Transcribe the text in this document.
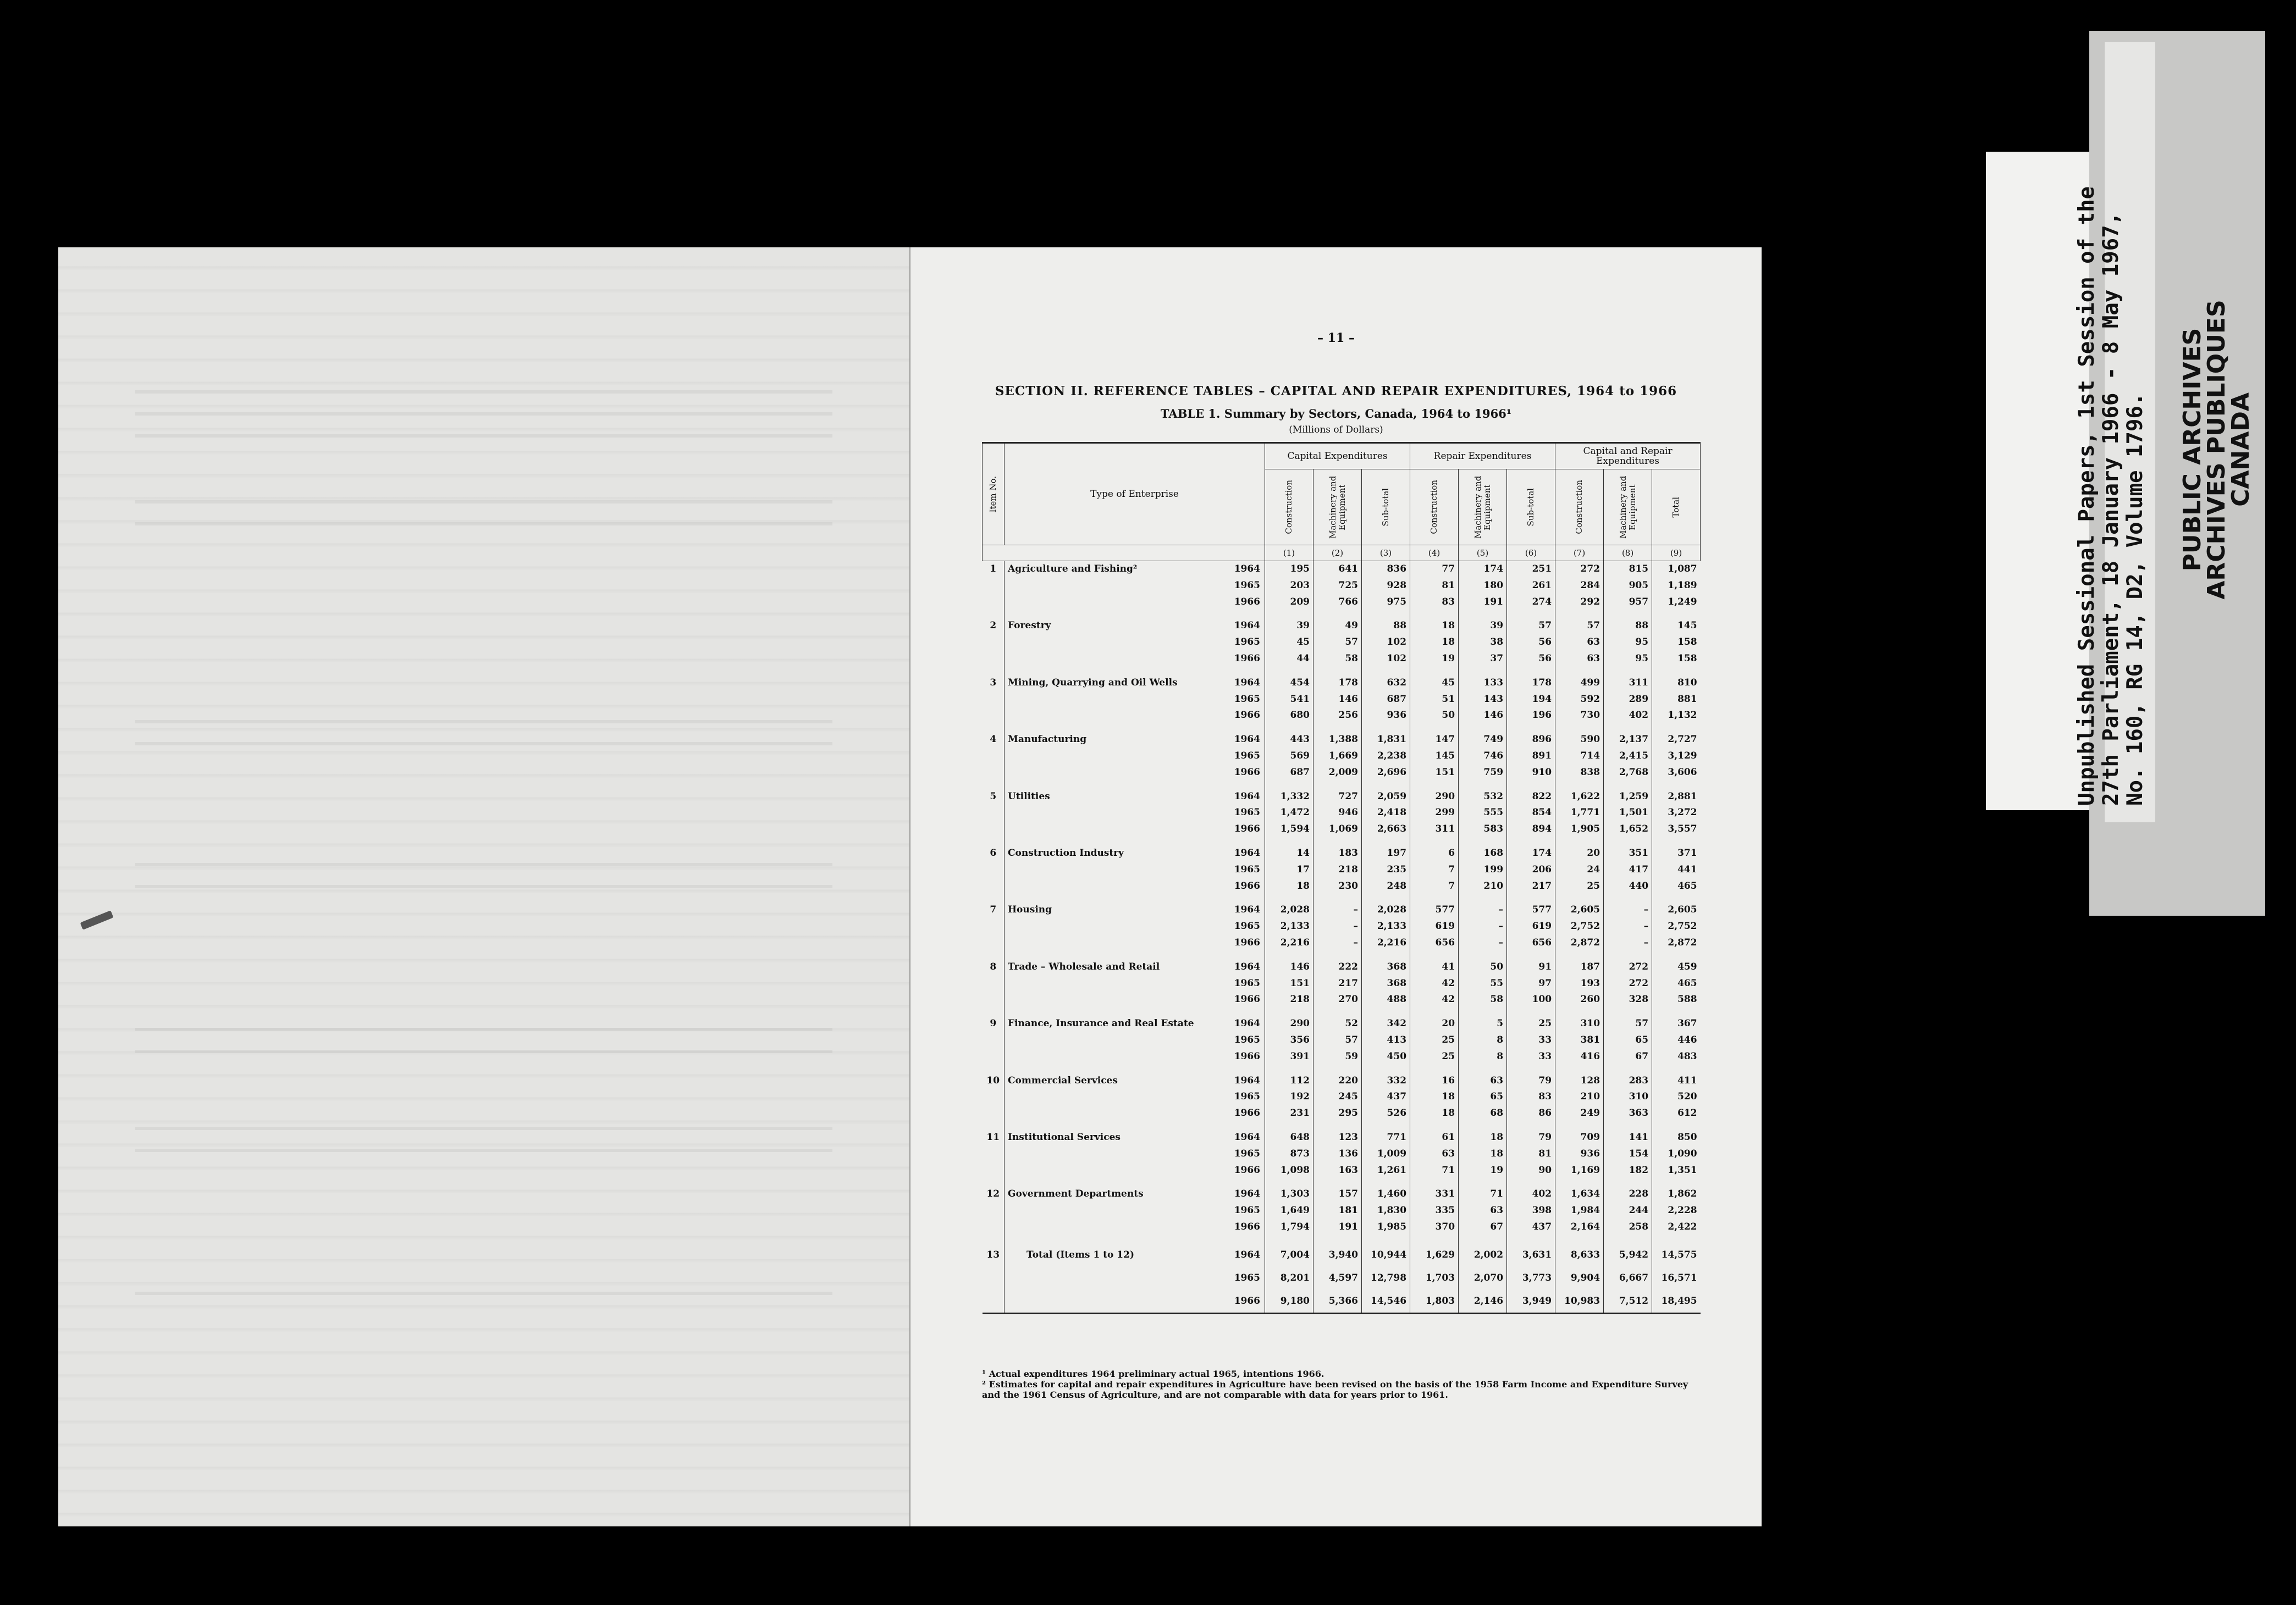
– 11 –
SECTION II. REFERENCE TABLES – CAPITAL AND REPAIR EXPENDITURES, 1964 to 1966
TABLE 1. Summary by Sectors, Canada, 1964 to 1966¹
(Millions of Dollars)
Item No.	Type of Enterprise		Capital Expenditures			Repair Expenditures			Capital and Repair Expenditures		

			Construction	Machinery and Equipment	Sub-total	Construction	Machinery and Equipment	Sub-total	Construction	Machinery and Equipment	Total

			(1)	(2)	(3)	(4)	(5)	(6)	(7)	(8)	(9)
1	Agriculture and Fishing²	1964	195	641	836	77	174	251	272	815	1,087
		1965	203	725	928	81	180	261	284	905	1,189
		1966	209	766	975	83	191	274	292	957	1,249

2	Forestry	1964	39	49	88	18	39	57	57	88	145
		1965	45	57	102	18	38	56	63	95	158
		1966	44	58	102	19	37	56	63	95	158

3	Mining, Quarrying and Oil Wells	1964	454	178	632	45	133	178	499	311	810
		1965	541	146	687	51	143	194	592	289	881
		1966	680	256	936	50	146	196	730	402	1,132

4	Manufacturing	1964	443	1,388	1,831	147	749	896	590	2,137	2,727
		1965	569	1,669	2,238	145	746	891	714	2,415	3,129
		1966	687	2,009	2,696	151	759	910	838	2,768	3,606

5	Utilities	1964	1,332	727	2,059	290	532	822	1,622	1,259	2,881
		1965	1,472	946	2,418	299	555	854	1,771	1,501	3,272
		1966	1,594	1,069	2,663	311	583	894	1,905	1,652	3,557

6	Construction Industry	1964	14	183	197	6	168	174	20	351	371
		1965	17	218	235	7	199	206	24	417	441
		1966	18	230	248	7	210	217	25	440	465

7	Housing	1964	2,028	–	2,028	577	–	577	2,605	–	2,605
		1965	2,133	–	2,133	619	–	619	2,752	–	2,752
		1966	2,216	–	2,216	656	–	656	2,872	–	2,872

8	Trade – Wholesale and Retail	1964	146	222	368	41	50	91	187	272	459
		1965	151	217	368	42	55	97	193	272	465
		1966	218	270	488	42	58	100	260	328	588

9	Finance, Insurance and Real Estate	1964	290	52	342	20	5	25	310	57	367
		1965	356	57	413	25	8	33	381	65	446
		1966	391	59	450	25	8	33	416	67	483

10	Commercial Services	1964	112	220	332	16	63	79	128	283	411
		1965	192	245	437	18	65	83	210	310	520
		1966	231	295	526	18	68	86	249	363	612

11	Institutional Services	1964	648	123	771	61	18	79	709	141	850
		1965	873	136	1,009	63	18	81	936	154	1,090
		1966	1,098	163	1,261	71	19	90	1,169	182	1,351

12	Government Departments	1964	1,303	157	1,460	331	71	402	1,634	228	1,862
		1965	1,649	181	1,830	335	63	398	1,984	244	2,228
		1966	1,794	191	1,985	370	67	437	2,164	258	2,422

13	Total (Items 1 to 12)	1964	7,004	3,940	10,944	1,629	2,002	3,631	8,633	5,942	14,575
		1965	8,201	4,597	12,798	1,703	2,070	3,773	9,904	6,667	16,571
		1966	9,180	5,366	14,546	1,803	2,146	3,949	10,983	7,512	18,495

¹ Actual expenditures 1964 preliminary actual 1965, intentions 1966.

² Estimates for capital and repair expenditures in Agriculture have been revised on the basis of the 1958 Farm Income and Expenditure Survey and the 1961 Census of Agriculture, and are not comparable with data for years prior to 1961.

Unpublished Sessional Papers, 1st Session of the 27th Parliament, 18 January 1966 - 8 May 1967, No. 160, RG 14, D2, Volume 1796. PUBLIC ARCHIVES
ARCHIVES PUBLIQUES
CANADA
